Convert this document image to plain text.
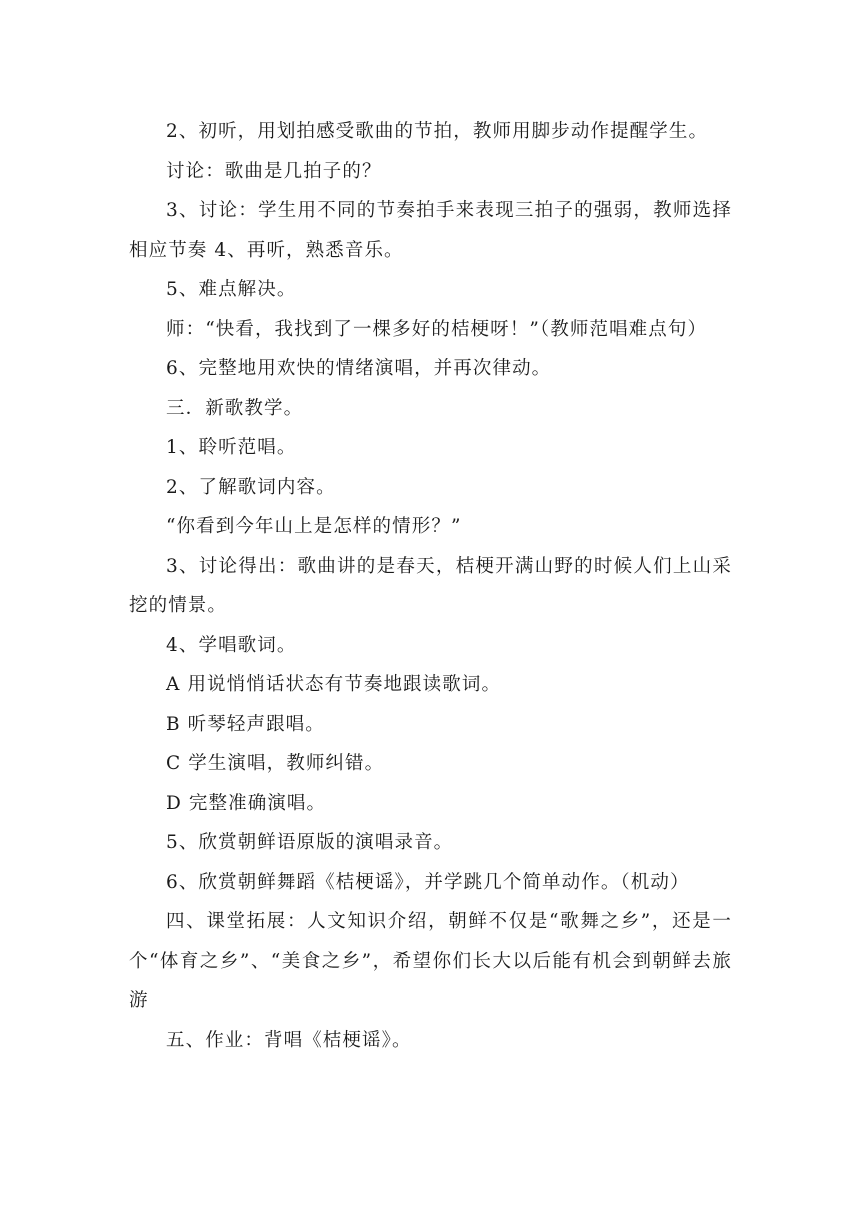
2、初听，用划拍感受歌曲的节拍，教师用脚步动作提醒学生。

讨论：歌曲是几拍子的？

3、讨论：学生用不同的节奏拍手来表现三拍子的强弱，教师选择相应节奏 4、再听，熟悉音乐。

5、难点解决。

师：“快看，我找到了一棵多好的桔梗呀！”（教师范唱难点句）

6、完整地用欢快的情绪演唱，并再次律动。

三．新歌教学。

1、聆听范唱。

2、了解歌词内容。

“你看到今年山上是怎样的情形？”

3、讨论得出：歌曲讲的是春天，桔梗开满山野的时候人们上山采挖的情景。

4、学唱歌词。

A 用说悄悄话状态有节奏地跟读歌词。

B 听琴轻声跟唱。

C 学生演唱，教师纠错。

D 完整准确演唱。

5、欣赏朝鲜语原版的演唱录音。

6、欣赏朝鲜舞蹈《桔梗谣》，并学跳几个简单动作。（机动）

四、课堂拓展：人文知识介绍，朝鲜不仅是“歌舞之乡”，还是一个“体育之乡”、“美食之乡”，希望你们长大以后能有机会到朝鲜去旅游

五、作业：背唱《桔梗谣》。
